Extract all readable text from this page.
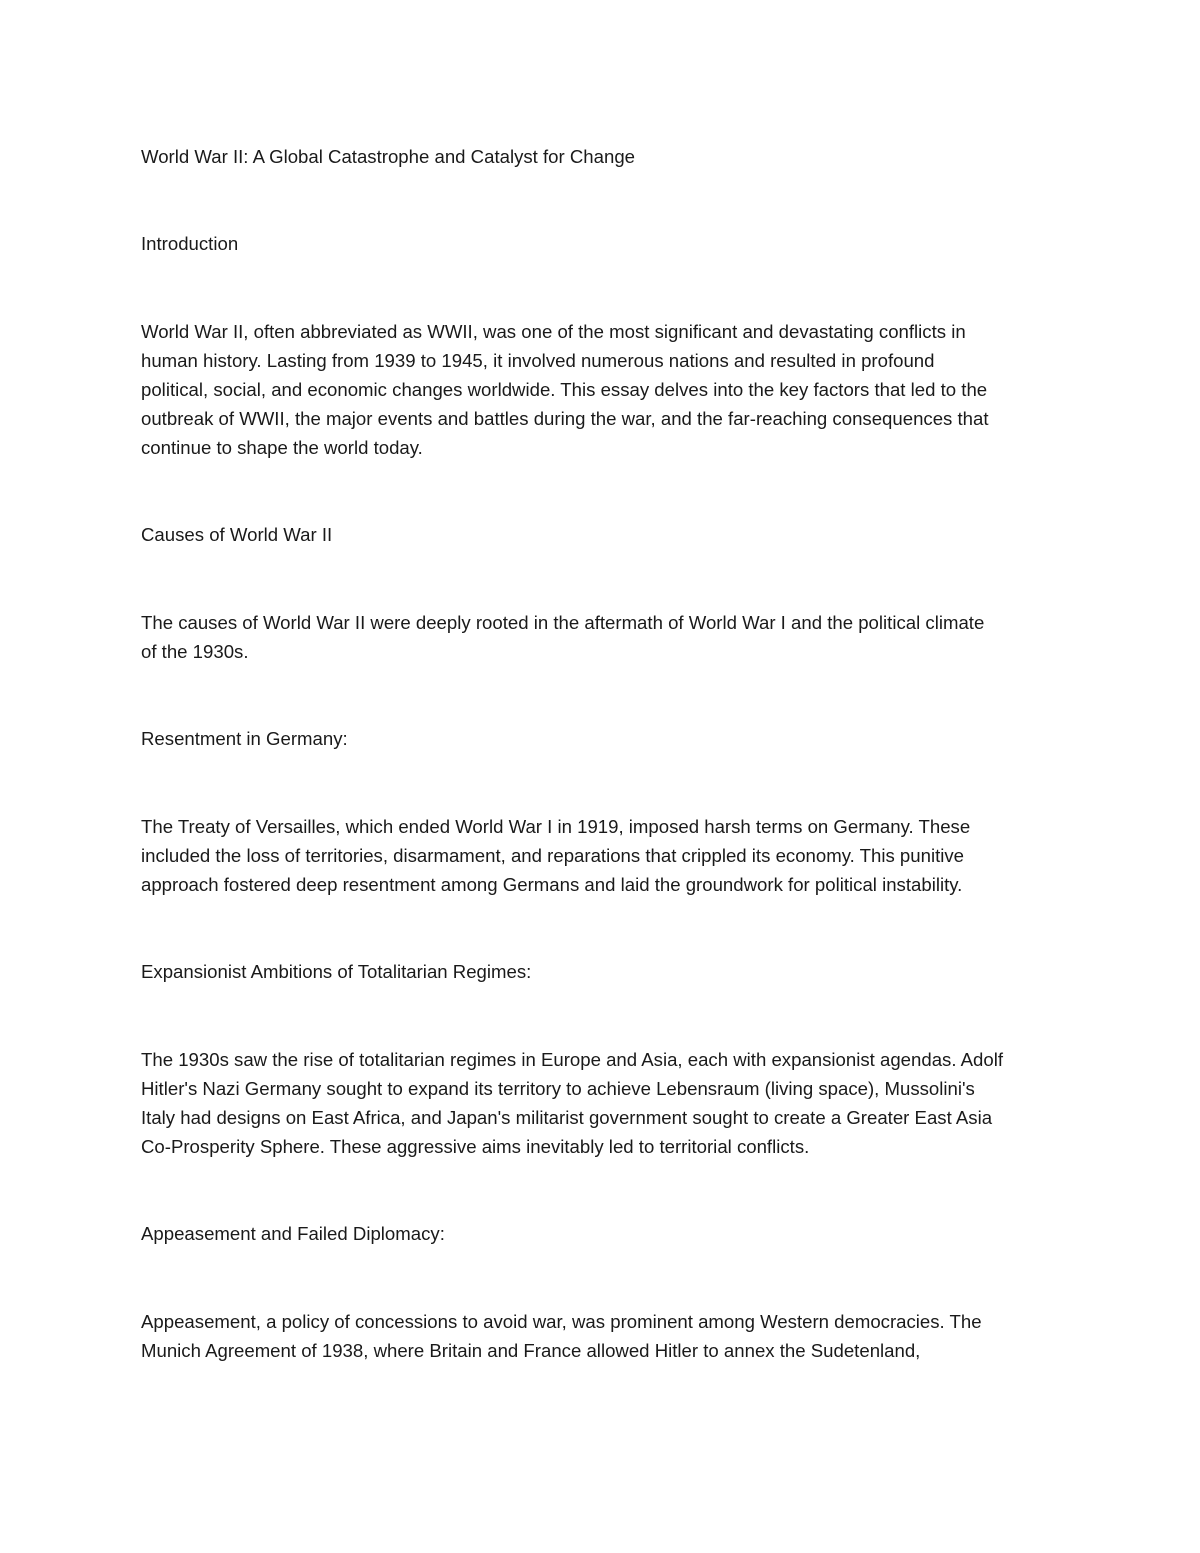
World War II: A Global Catastrophe and Catalyst for Change

Introduction

World War II, often abbreviated as WWII, was one of the most significant and devastating conflicts in

human history. Lasting from 1939 to 1945, it involved numerous nations and resulted in profound

political, social, and economic changes worldwide. This essay delves into the key factors that led to the

outbreak of WWII, the major events and battles during the war, and the far-reaching consequences that

continue to shape the world today.

Causes of World War II

The causes of World War II were deeply rooted in the aftermath of World War I and the political climate

of the 1930s.

Resentment in Germany:

The Treaty of Versailles, which ended World War I in 1919, imposed harsh terms on Germany. These

included the loss of territories, disarmament, and reparations that crippled its economy. This punitive

approach fostered deep resentment among Germans and laid the groundwork for political instability.

Expansionist Ambitions of Totalitarian Regimes:

The 1930s saw the rise of totalitarian regimes in Europe and Asia, each with expansionist agendas. Adolf

Hitler's Nazi Germany sought to expand its territory to achieve Lebensraum (living space), Mussolini's

Italy had designs on East Africa, and Japan's militarist government sought to create a Greater East Asia

Co-Prosperity Sphere. These aggressive aims inevitably led to territorial conflicts.

Appeasement and Failed Diplomacy:

Appeasement, a policy of concessions to avoid war, was prominent among Western democracies. The

Munich Agreement of 1938, where Britain and France allowed Hitler to annex the Sudetenland,
